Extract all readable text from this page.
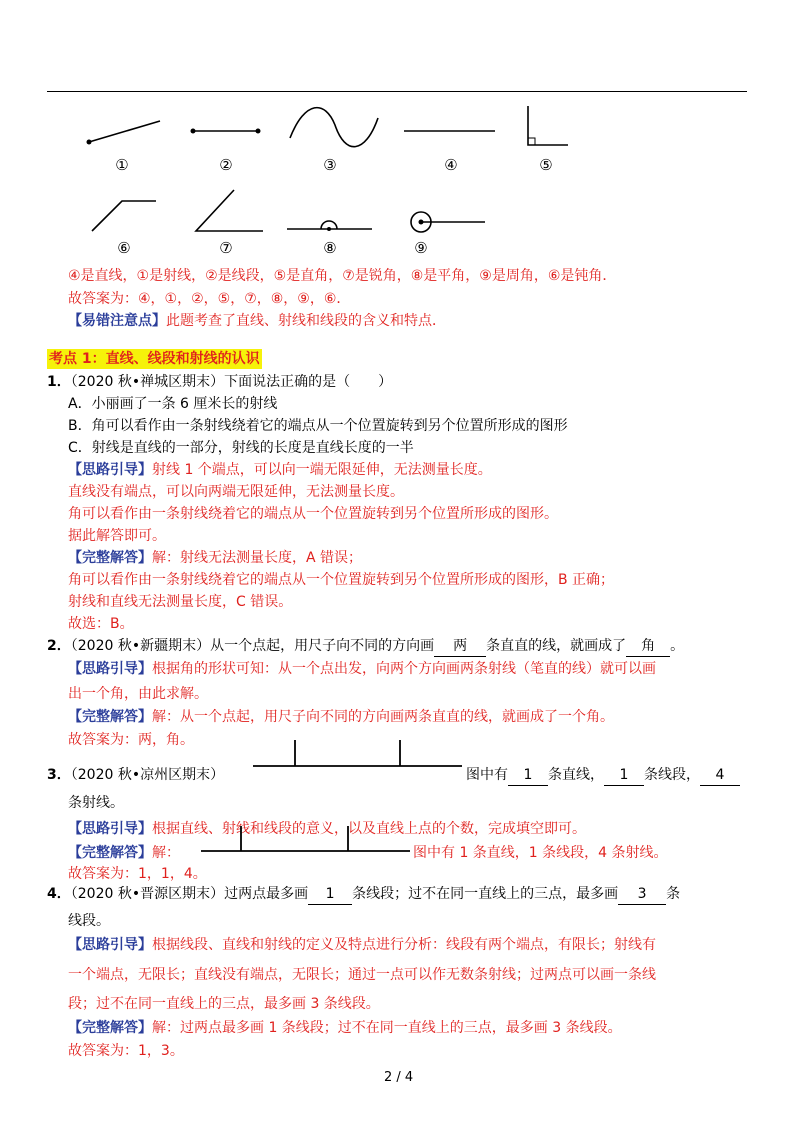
①	②	③	④	⑤
⑥	⑦	⑧	⑨
④是直线，①是射线，②是线段，⑤是直角，⑦是锐角，⑧是平角，⑨是周角，⑥是钝角．
故答案为：④，①，②，⑤，⑦，⑧，⑨，⑥．
【易错注意点】此题考查了直线、射线和线段的含义和特点．
考点 1：直线、线段和射线的认识
1．（2020 秋•禅城区期末）下面说法正确的是（　　）
A．小丽画了一条 6 厘米长的射线
B．角可以看作由一条射线绕着它的端点从一个位置旋转到另个位置所形成的图形
C．射线是直线的一部分，射线的长度是直线长度的一半
【思路引导】射线 1 个端点，可以向一端无限延伸，无法测量长度。
直线没有端点，可以向两端无限延伸，无法测量长度。
角可以看作由一条射线绕着它的端点从一个位置旋转到另个位置所形成的图形。
据此解答即可。
【完整解答】解：射线无法测量长度，A 错误；
角可以看作由一条射线绕着它的端点从一个位置旋转到另个位置所形成的图形，B 正确；
射线和直线无法测量长度，C 错误。
故选：B。
2．（2020 秋•新疆期末）从一个点起，用尺子向不同的方向画 两 条直直的线，就画成了 角 。
【思路引导】根据角的形状可知：从一个点出发，向两个方向画两条射线（笔直的线）就可以画
出一个角，由此求解。
【完整解答】解：从一个点起，用尺子向不同的方向画两条直直的线，就画成了一个角。
故答案为：两，角。
3．（2020 秋•凉州区期末）	图中有 1 条直线， 1 条线段， 4
条射线。
【思路引导】根据直线、射线和线段的意义，以及直线上点的个数，完成填空即可。
【完整解答】解：	图中有 1 条直线，1 条线段，4 条射线。
故答案为：1，1，4。
4．（2020 秋•晋源区期末）过两点最多画 1 条线段；过不在同一直线上的三点，最多画 3 条
线段。
【思路引导】根据线段、直线和射线的定义及特点进行分析：线段有两个端点，有限长；射线有
一个端点，无限长；直线没有端点，无限长；通过一点可以作无数条射线；过两点可以画一条线
段；过不在同一直线上的三点，最多画 3 条线段。
【完整解答】解：过两点最多画 1 条线段；过不在同一直线上的三点，最多画 3 条线段。
故答案为：1，3。
2 / 4
